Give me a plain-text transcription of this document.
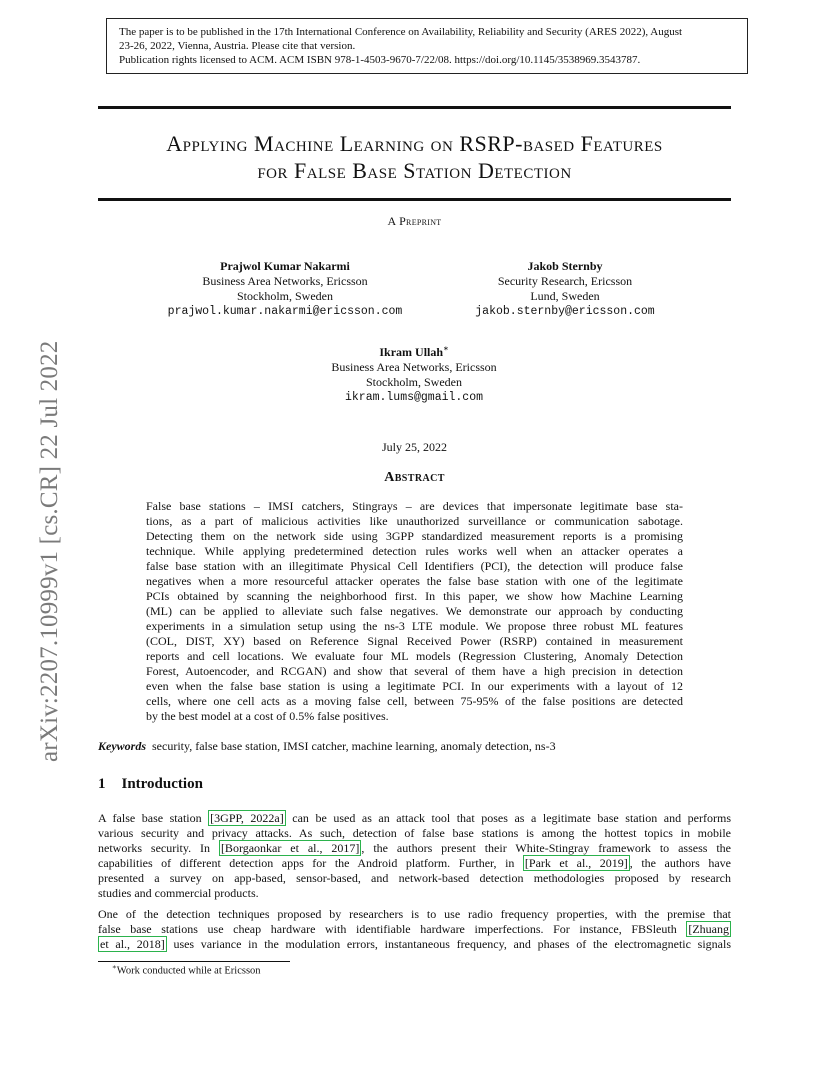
The paper is to be published in the 17th International Conference on Availability, Reliability and Security (ARES 2022), August
23-26, 2022, Vienna, Austria. Please cite that version.
Publication rights licensed to ACM. ACM ISBN 978-1-4503-9670-7/22/08. https://doi.org/10.1145/3538969.3543787.
arXiv:2207.10999v1 [cs.CR] 22 Jul 2022
Applying Machine Learning on RSRP-based Features
for False Base Station Detection
A Preprint
Prajwol Kumar Nakarmi
Business Area Networks, Ericsson
Stockholm, Sweden
prajwol.kumar.nakarmi@ericsson.com
Jakob Sternby
Security Research, Ericsson
Lund, Sweden
jakob.sternby@ericsson.com
Ikram Ullah∗
Business Area Networks, Ericsson
Stockholm, Sweden
ikram.lums@gmail.com
July 25, 2022
Abstract
False base stations – IMSI catchers, Stingrays – are devices that impersonate legitimate base sta-
tions, as a part of malicious activities like unauthorized surveillance or communication sabotage.
Detecting them on the network side using 3GPP standardized measurement reports is a promising
technique. While applying predetermined detection rules works well when an attacker operates a
false base station with an illegitimate Physical Cell Identifiers (PCI), the detection will produce false
negatives when a more resourceful attacker operates the false base station with one of the legitimate
PCIs obtained by scanning the neighborhood first. In this paper, we show how Machine Learning
(ML) can be applied to alleviate such false negatives. We demonstrate our approach by conducting
experiments in a simulation setup using the ns-3 LTE module. We propose three robust ML features
(COL, DIST, XY) based on Reference Signal Received Power (RSRP) contained in measurement
reports and cell locations. We evaluate four ML models (Regression Clustering, Anomaly Detection
Forest, Autoencoder, and RCGAN) and show that several of them have a high precision in detection
even when the false base station is using a legitimate PCI. In our experiments with a layout of 12
cells, where one cell acts as a moving false cell, between 75-95% of the false positions are detected
by the best model at a cost of 0.5% false positives.
Keywords security, false base station, IMSI catcher, machine learning, anomaly detection, ns-3
1 Introduction
A false base station [3GPP, 2022a] can be used as an attack tool that poses as a legitimate base station and performs
various security and privacy attacks. As such, detection of false base stations is among the hottest topics in mobile
networks security. In [Borgaonkar et al., 2017] , the authors present their White-Stingray framework to assess the
capabilities of different detection apps for the Android platform. Further, in [Park et al., 2019] , the authors have
presented a survey on app-based, sensor-based, and network-based detection methodologies proposed by research
studies and commercial products.
One of the detection techniques proposed by researchers is to use radio frequency properties, with the premise that
false base stations use cheap hardware with identifiable hardware imperfections. For instance, FBSleuth [Zhuang
et al., 2018] uses variance in the modulation errors, instantaneous frequency, and phases of the electromagnetic signals
∗Work conducted while at Ericsson
